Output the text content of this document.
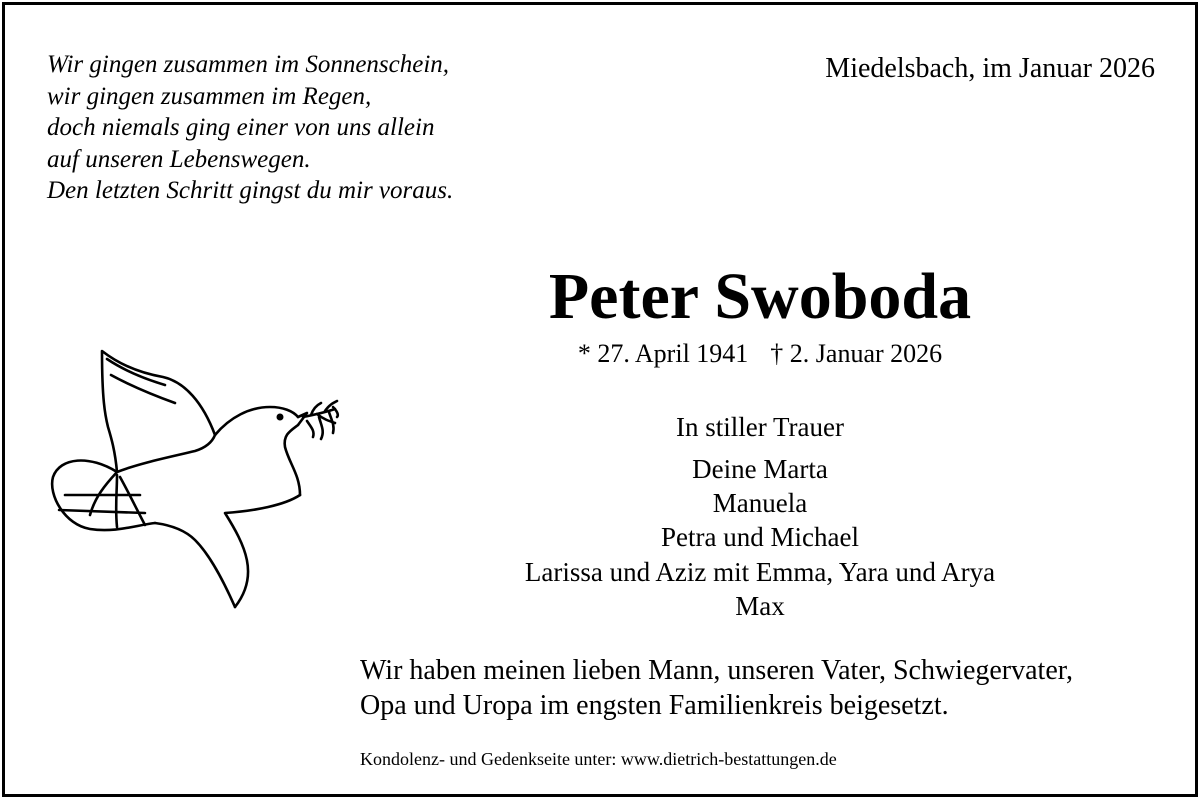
Wir gingen zusammen im Sonnenschein,
wir gingen zusammen im Regen,
doch niemals ging einer von uns allein
auf unseren Lebenswegen.
Den letzten Schritt gingst du mir voraus.
Miedelsbach, im Januar 2026
Peter Swoboda
* 27. April 1941 † 2. Januar 2026
In stiller Trauer
Deine Marta
Manuela
Petra und Michael
Larissa und Aziz mit Emma, Yara und Arya
Max
Wir haben meinen lieben Mann, unseren Vater, Schwiegervater,
Opa und Uropa im engsten Familienkreis beigesetzt.
Kondolenz- und Gedenkseite unter: www.dietrich-bestattungen.de
